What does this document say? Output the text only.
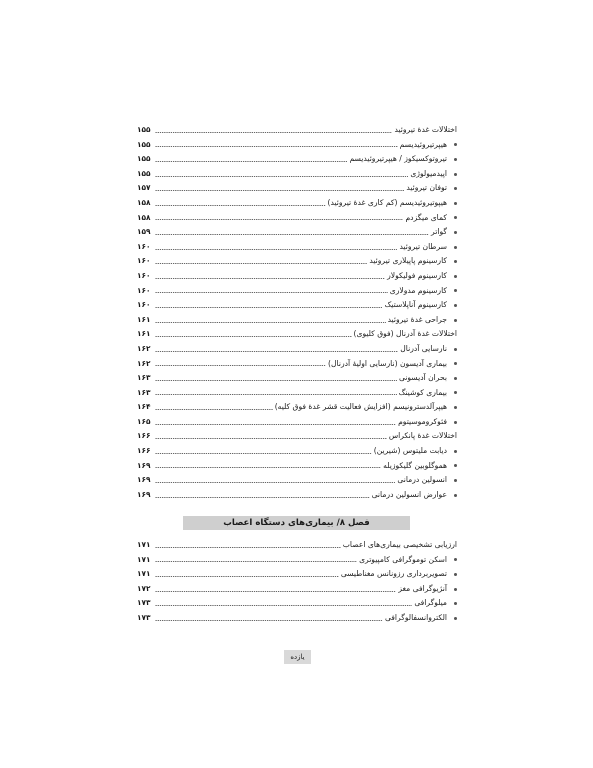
اختلالات غدهٔ تیروئید
۱۵۵
هیپرتیروئیدیسم
۱۵۵
تیروتوکسیکوز / هیپرتیروئیدیسم
۱۵۵
اپیدمیولوژی
۱۵۵
توفان تیروئید
۱۵۷
هیپوتیروئیدیسم (کم کاری غدهٔ تیروئید)
۱۵۸
کمای میگزدم
۱۵۸
گواتر
۱۵۹
سرطان تیروئید
۱۶۰
کارسینوم پاپیلاری تیروئید
۱۶۰
کارسینوم فولیکولار
۱۶۰
کارسینوم مدولاری
۱۶۰
کارسینوم آناپلاستیک
۱۶۰
جراحی غدهٔ تیروئید
۱۶۱
اختلالات غدهٔ آدرنال (فوق کلیوی)
۱۶۱
نارسایی آدرنال
۱۶۲
بیماری آدیسون (نارسایی اولیهٔ آدرنال)
۱۶۲
بحران آدیسونی
۱۶۳
بیماری کوشینگ
۱۶۳
هیپرآلدسترونیسم (افزایش فعالیت قشر غدهٔ فوق کلیه)
۱۶۴
فئوکروموسیتوم
۱۶۵
اختلالات غدهٔ پانکراس
۱۶۶
دیابت ملیتوس (شیرین)
۱۶۶
هموگلوبین گلیکوزیله
۱۶۹
انسولین درمانی
۱۶۹
عوارض انسولین درمانی
۱۶۹
فصل ۸/ بیماری‌های دستگاه اعصاب
ارزیابی تشخیصی بیماری‌های اعصاب
۱۷۱
اسکن توموگرافی کامپیوتری
۱۷۱
تصویربرداری رزونانس مغناطیسی
۱۷۱
آنژیوگرافی مغز
۱۷۲
میلوگرافی
۱۷۳
الکتروانسفالوگرافی
۱۷۳
یازده
